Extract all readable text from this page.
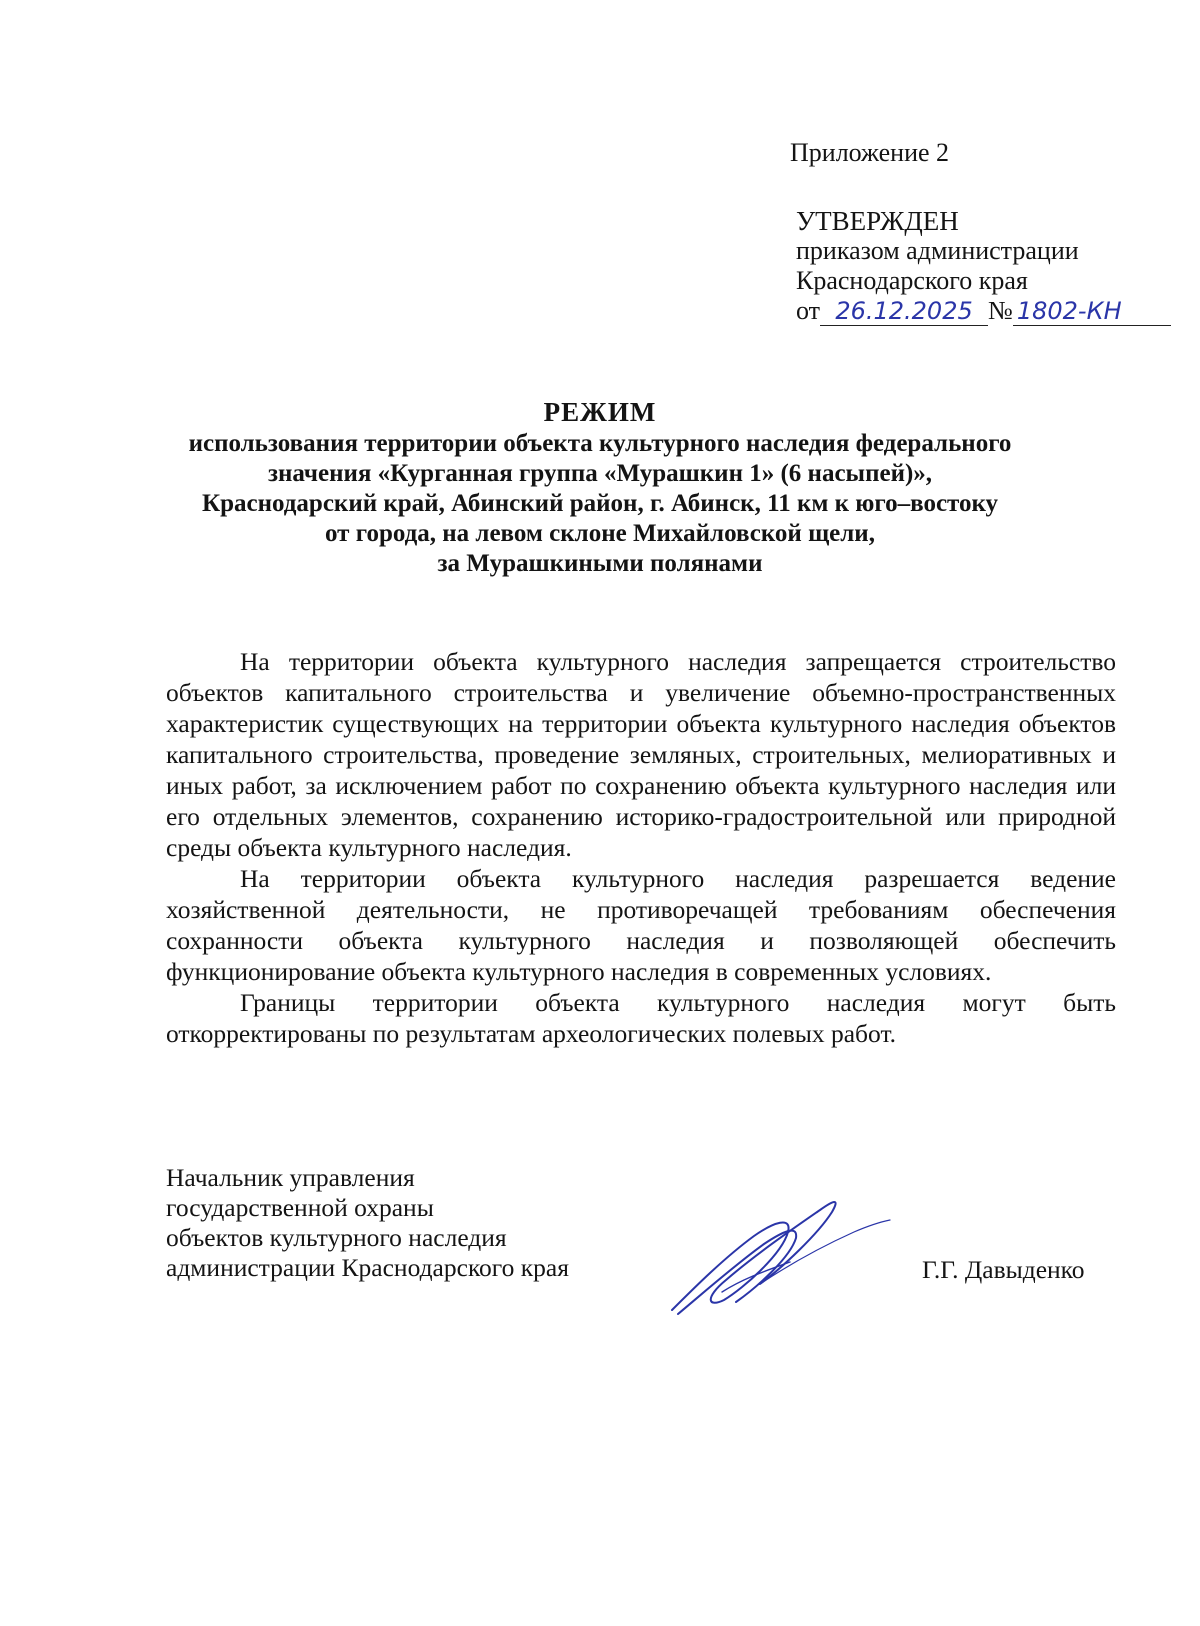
Приложение 2
УТВЕРЖДЕН
приказом администрации
Краснодарского края
от 26.12.2025 № 1802-КН
РЕЖИМ
использования территории объекта культурного наследия федерального
значения «Курганная группа «Мурашкин 1» (6 насыпей)»,
Краснодарский край, Абинский район, г. Абинск, 11 км к юго–востоку
от города, на левом склоне Михайловской щели,
за Мурашкиными полянами

На территории объекта культурного наследия запрещается строительство объектов капитального строительства и увеличение объемно-пространственных характеристик существующих на территории объекта культурного наследия объектов капитального строительства, проведение земляных, строительных, мелиоративных и иных работ, за исключением работ по сохранению объекта культурного наследия или его отдельных элементов, сохранению историко-градостроительной или природной среды объекта культурного наследия.

На территории объекта культурного наследия разрешается ведение хозяйственной деятельности, не противоречащей требованиям обеспечения сохранности объекта культурного наследия и позволяющей обеспечить функционирование объекта культурного наследия в современных условиях.

Границы территории объекта культурного наследия могут быть откорректированы по результатам археологических полевых работ.

Начальник управления
государственной охраны
объектов культурного наследия
администрации Краснодарского края	Г.Г. Давыденко
